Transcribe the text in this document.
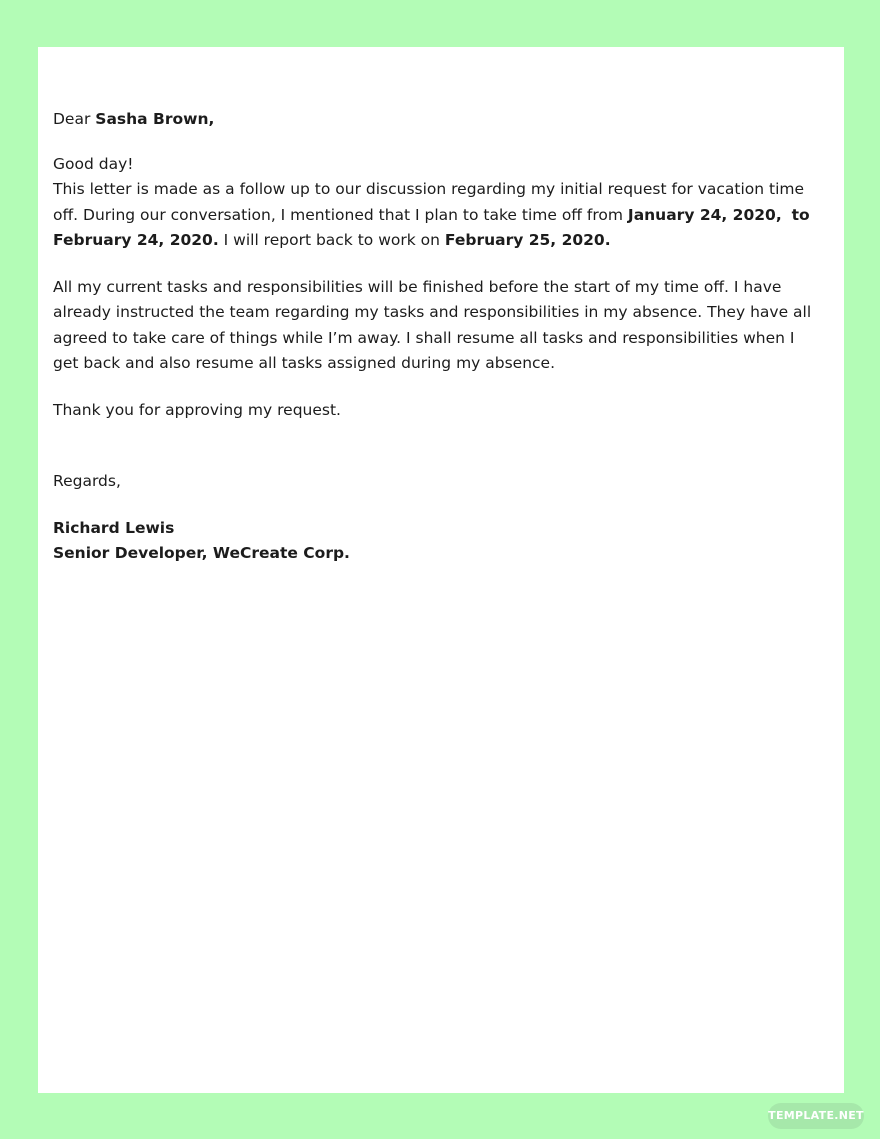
Dear Sasha Brown,

Good day!

This letter is made as a follow up to our discussion regarding my initial request for vacation time off. During our conversation, I mentioned that I plan to take time off from January 24, 2020, to February 24, 2020. I will report back to work on February 25, 2020.

All my current tasks and responsibilities will be finished before the start of my time off. I have already instructed the team regarding my tasks and responsibilities in my absence. They have all agreed to take care of things while I’m away. I shall resume all tasks and responsibilities when I get back and also resume all tasks assigned during my absence.

Thank you for approving my request.

Regards,

Richard Lewis

Senior Developer, WeCreate Corp.

TEMPLATE.NET
